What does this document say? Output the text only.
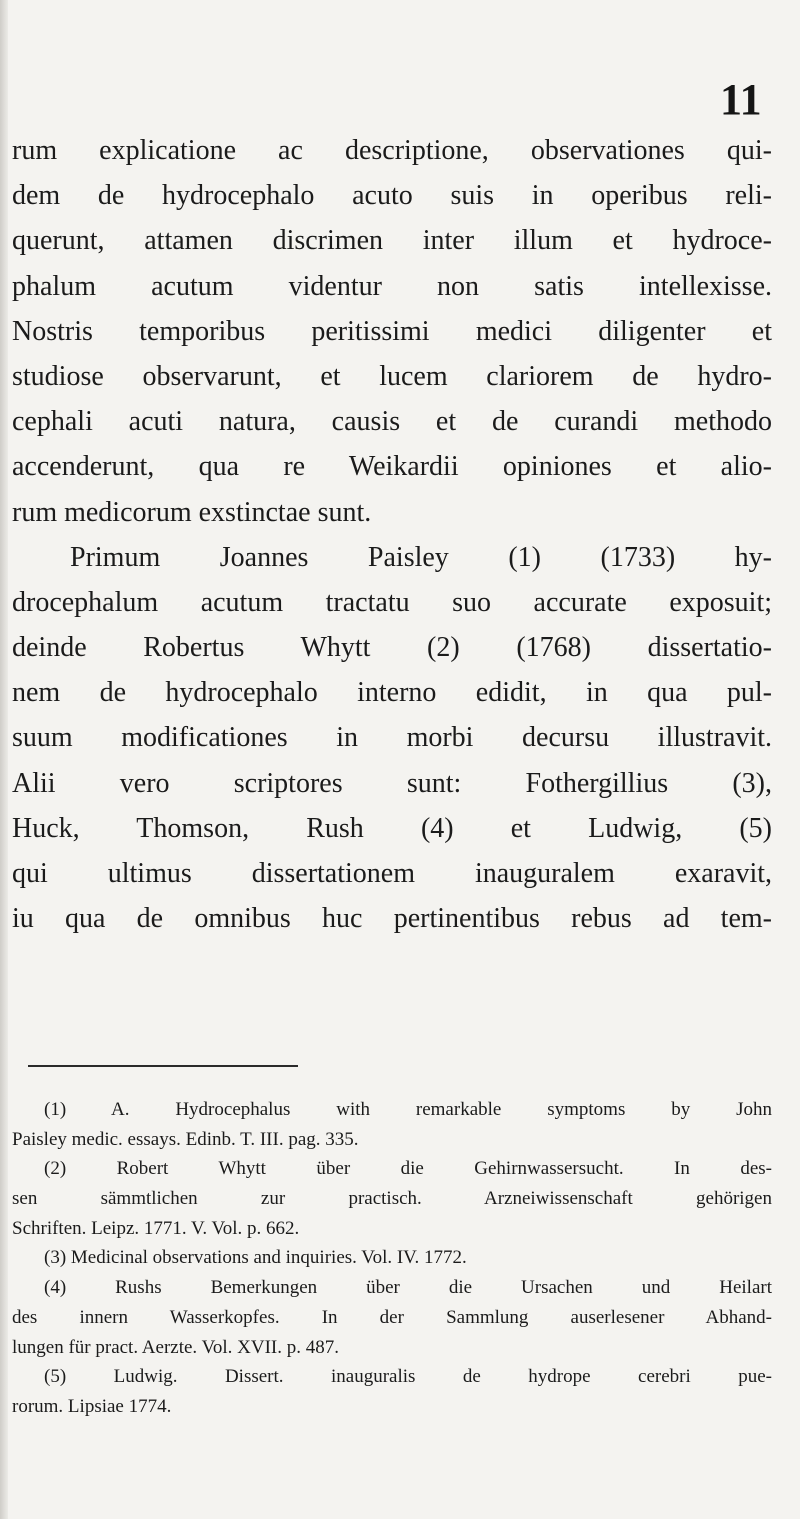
11
rum explicatione ac descriptione, observationes qui-
dem de hydrocephalo acuto suis in operibus reli-
querunt, attamen discrimen inter illum et hydroce-
phalum acutum videntur non satis intellexisse.
Nostris temporibus peritissimi medici diligenter et
studiose observarunt, et lucem clariorem de hydro-
cephali acuti natura, causis et de curandi methodo
accenderunt, qua re Weikardii opiniones et alio-
rum medicorum exstinctae sunt.
Primum Joannes Paisley (1) (1733) hy-
drocephalum acutum tractatu suo accurate exposuit;
deinde Robertus Whytt (2) (1768) dissertatio-
nem de hydrocephalo interno edidit, in qua pul-
suum modificationes in morbi decursu illustravit.
Alii vero scriptores sunt: Fothergillius (3),
Huck, Thomson, Rush (4) et Ludwig, (5)
qui ultimus dissertationem inauguralem exaravit,
iu qua de omnibus huc pertinentibus rebus ad tem-
(1) A. Hydrocephalus with remarkable symptoms by John
Paisley medic. essays. Edinb. T. III. pag. 335.
(2) Robert Whytt über die Gehirnwassersucht. In des-
sen sämmtlichen zur practisch. Arzneiwissenschaft gehörigen
Schriften. Leipz. 1771. V. Vol. p. 662.
(3) Medicinal observations and inquiries. Vol. IV. 1772.
(4) Rushs Bemerkungen über die Ursachen und Heilart
des innern Wasserkopfes. In der Sammlung auserlesener Abhand-
lungen für pract. Aerzte. Vol. XVII. p. 487.
(5) Ludwig. Dissert. inauguralis de hydrope cerebri pue-
rorum. Lipsiae 1774.
